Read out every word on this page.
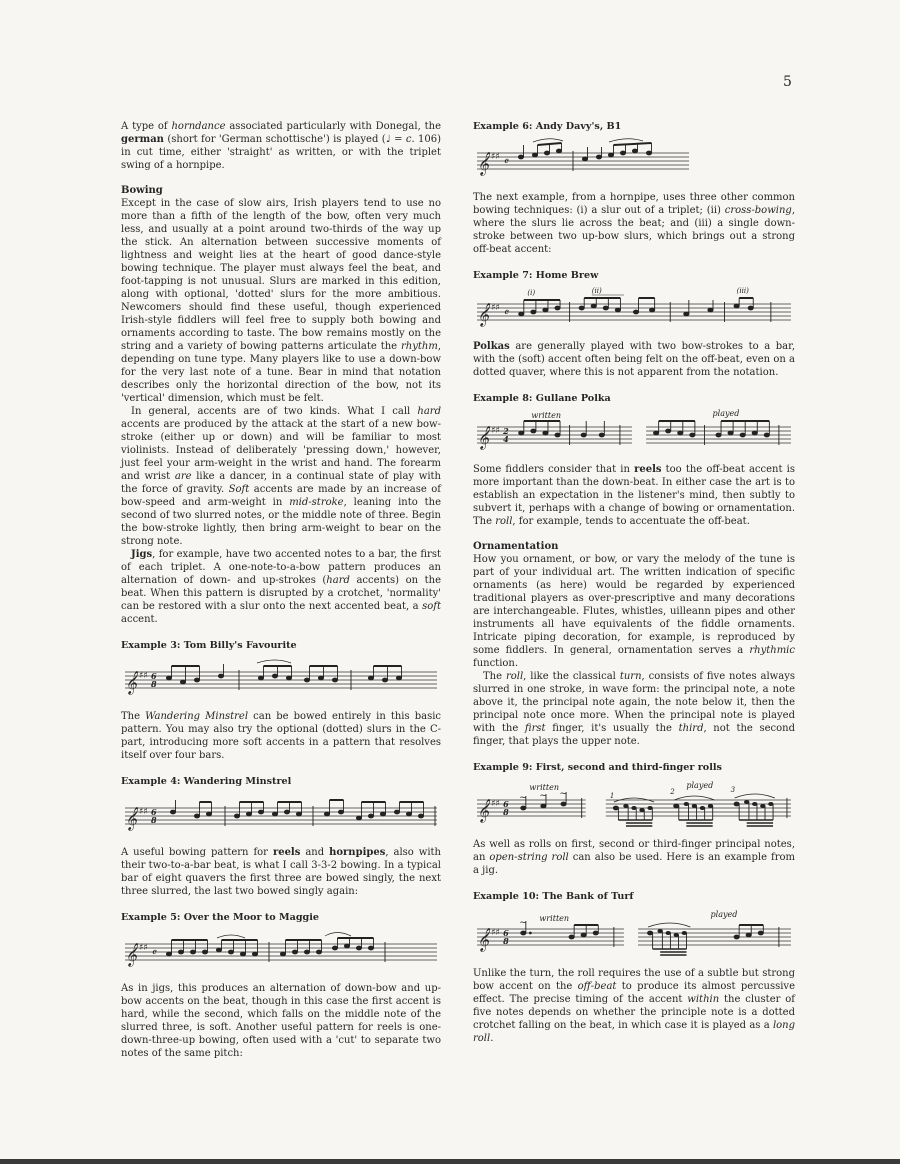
5

A type of horndance associated particularly with Donegal, the german (short for 'German schottische') is played (♩ = c. 106) in cut time, either 'straight' as written, or with the triplet swing of a hornpipe.

Bowing

Except in the case of slow airs, Irish players tend to use no more than a fifth of the length of the bow, often very much less, and usually at a point around two-thirds of the way up the stick. An alternation between successive moments of lightness and weight lies at the heart of good dance-style bowing technique. The player must always feel the beat, and foot-tapping is not unusual. Slurs are marked in this edition, along with optional, 'dotted' slurs for the more ambitious. Newcomers should find these useful, though experienced Irish-style fiddlers will feel free to supply both bowing and ornaments according to taste. The bow remains mostly on the string and a variety of bowing patterns articulate the rhythm, depending on tune type. Many players like to use a down-bow for the very last note of a tune. Bear in mind that notation describes only the horizontal direction of the bow, not its 'vertical' dimension, which must be felt.

In general, accents are of two kinds. What I call hard accents are produced by the attack at the start of a new bow-stroke (either up or down) and will be familiar to most violinists. Instead of deliberately 'pressing down,' however, just feel your arm-weight in the wrist and hand. The forearm and wrist are like a dancer, in a continual state of play with the force of gravity. Soft accents are made by an increase of bow-speed and arm-weight in mid-stroke, leaning into the second of two slurred notes, or the middle note of three. Begin the bow-stroke lightly, then bring arm-weight to bear on the strong note.

Jigs, for example, have two accented notes to a bar, the first of each triplet. A one-note-to-a-bow pattern produces an alternation of down- and up-strokes (hard accents) on the beat. When this pattern is disrupted by a crotchet, 'normality' can be restored with a slur onto the next accented beat, a soft accent.

Example 3: Tom Billy's Favourite

𝄞 ♯♯ 6
8

The Wandering Minstrel can be bowed entirely in this basic pattern. You may also try the optional (dotted) slurs in the C-part, introducing more soft accents in a pattern that resolves itself over four bars.

Example 4: Wandering Minstrel

𝄞 ♯♯ 6
8

A useful bowing pattern for reels and hornpipes, also with their two-to-a-bar beat, is what I call 3-3-2 bowing. In a typical bar of eight quavers the first three are bowed singly, the next three slurred, the last two bowed singly again:

Example 5: Over the Moor to Maggie

𝄞 ♯♯ 𝄴

As in jigs, this produces an alternation of down-bow and up-bow accents on the beat, though in this case the first accent is hard, while the second, which falls on the middle note of the slurred three, is soft. Another useful pattern for reels is one-down-three-up bowing, often used with a 'cut' to separate two notes of the same pitch:

Example 6: Andy Davy's, B1

𝄞 ♯♯ 𝄴

The next example, from a hornpipe, uses three other common bowing techniques: (i) a slur out of a triplet; (ii) cross-bowing, where the slurs lie across the beat; and (iii) a single down-stroke between two up-bow slurs, which brings out a strong off-beat accent:

Example 7: Home Brew

𝄞 ♯♯ 𝄴
(i)	(ii)	(iii)

Polkas are generally played with two bow-strokes to a bar, with the (soft) accent often being felt on the off-beat, even on a dotted quaver, where this is not apparent from the notation.

Example 8: Gullane Polka

𝄞 ♯♯ 2
4
written	played

Some fiddlers consider that in reels too the off-beat accent is more important than the down-beat. In either case the art is to establish an expectation in the listener's mind, then subtly to subvert it, perhaps with a change of bowing or ornamentation. The roll, for example, tends to accentuate the off-beat.

Ornamentation

How you ornament, or bow, or vary the melody of the tune is part of your individual art. The written indication of specific ornaments (as here) would be regarded by experienced traditional players as over-prescriptive and many decorations are interchangeable. Flutes, whistles, uilleann pipes and other instruments all have equivalents of the fiddle ornaments. Intricate piping decoration, for example, is reproduced by some fiddlers. In general, ornamentation serves a rhythmic function.

The roll, like the classical turn, consists of five notes always slurred in one stroke, in wave form: the principal note, a note above it, the principal note again, the note below it, then the principal note once more. When the principal note is played with the first finger, it's usually the third, not the second finger, that plays the upper note.

Example 9: First, second and third-finger rolls

𝄞 ♯♯ 6
8
written	played
1	2	3
~ ~ ~

As well as rolls on first, second or third-finger principal notes, an open-string roll can also be used. Here is an example from a jig.

Example 10: The Bank of Turf

𝄞 ♯♯ 6
8
written	played
~

Unlike the turn, the roll requires the use of a subtle but strong bow accent on the off-beat to produce its almost percussive effect. The precise timing of the accent within the cluster of five notes depends on whether the principle note is a dotted crotchet falling on the beat, in which case it is played as a long roll.
